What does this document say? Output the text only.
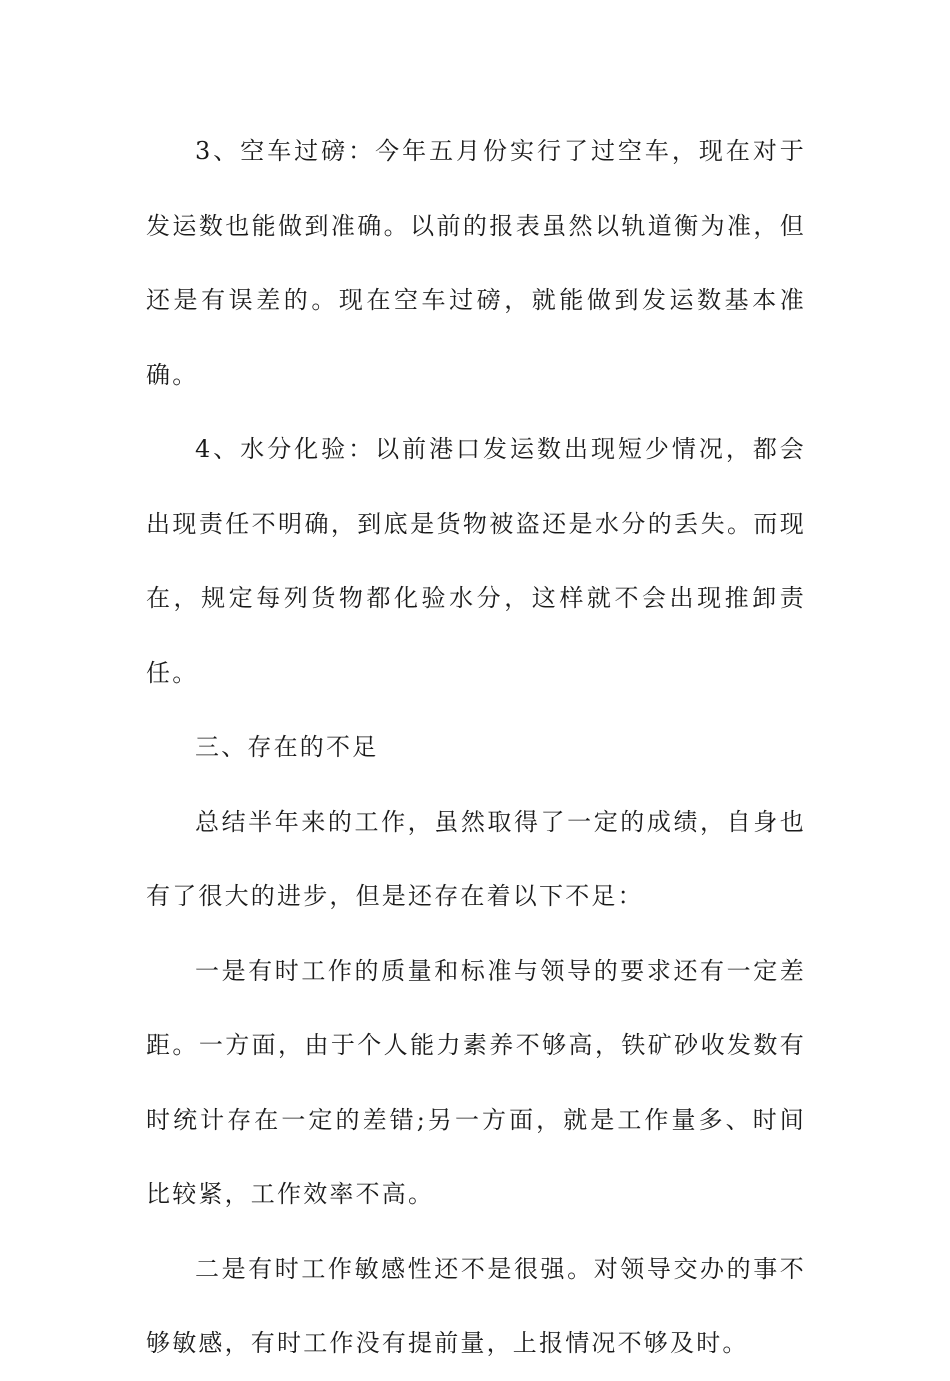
3、空车过磅：今年五月份实行了过空车，现在对于发运数也能做到准确。以前的报表虽然以轨道衡为准，但还是有误差的。现在空车过磅，就能做到发运数基本准确。

4、水分化验：以前港口发运数出现短少情况，都会出现责任不明确，到底是货物被盗还是水分的丢失。而现在，规定每列货物都化验水分，这样就不会出现推卸责任。

三、存在的不足

总结半年来的工作，虽然取得了一定的成绩，自身也有了很大的进步，但是还存在着以下不足：

一是有时工作的质量和标准与领导的要求还有一定差距。一方面，由于个人能力素养不够高，铁矿砂收发数有时统计存在一定的差错;另一方面，就是工作量多、时间比较紧，工作效率不高。

二是有时工作敏感性还不是很强。对领导交办的事不够敏感，有时工作没有提前量，上报情况不够及时。
